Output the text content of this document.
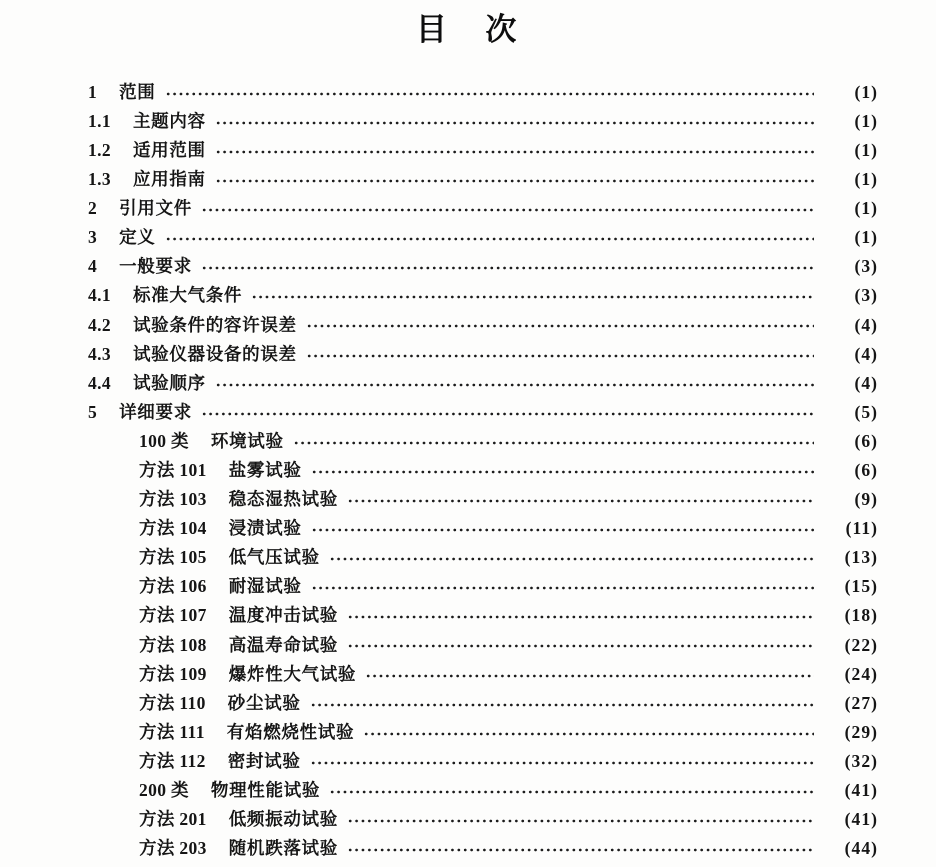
目　次
1 范围	(1)
1.1 主题内容	(1)
1.2 适用范围	(1)
1.3 应用指南	(1)
2 引用文件	(1)
3 定义	(1)
4 一般要求	(3)
4.1 标准大气条件	(3)
4.2 试验条件的容许误差	(4)
4.3 试验仪器设备的误差	(4)
4.4 试验顺序	(4)
5 详细要求	(5)
100 类 环境试验	(6)
方法 101 盐雾试验	(6)
方法 103 稳态湿热试验	(9)
方法 104 浸渍试验	(11)
方法 105 低气压试验	(13)
方法 106 耐湿试验	(15)
方法 107 温度冲击试验	(18)
方法 108 高温寿命试验	(22)
方法 109 爆炸性大气试验	(24)
方法 110 砂尘试验	(27)
方法 111 有焰燃烧性试验	(29)
方法 112 密封试验	(32)
200 类 物理性能试验	(41)
方法 201 低频振动试验	(41)
方法 203 随机跌落试验	(44)
